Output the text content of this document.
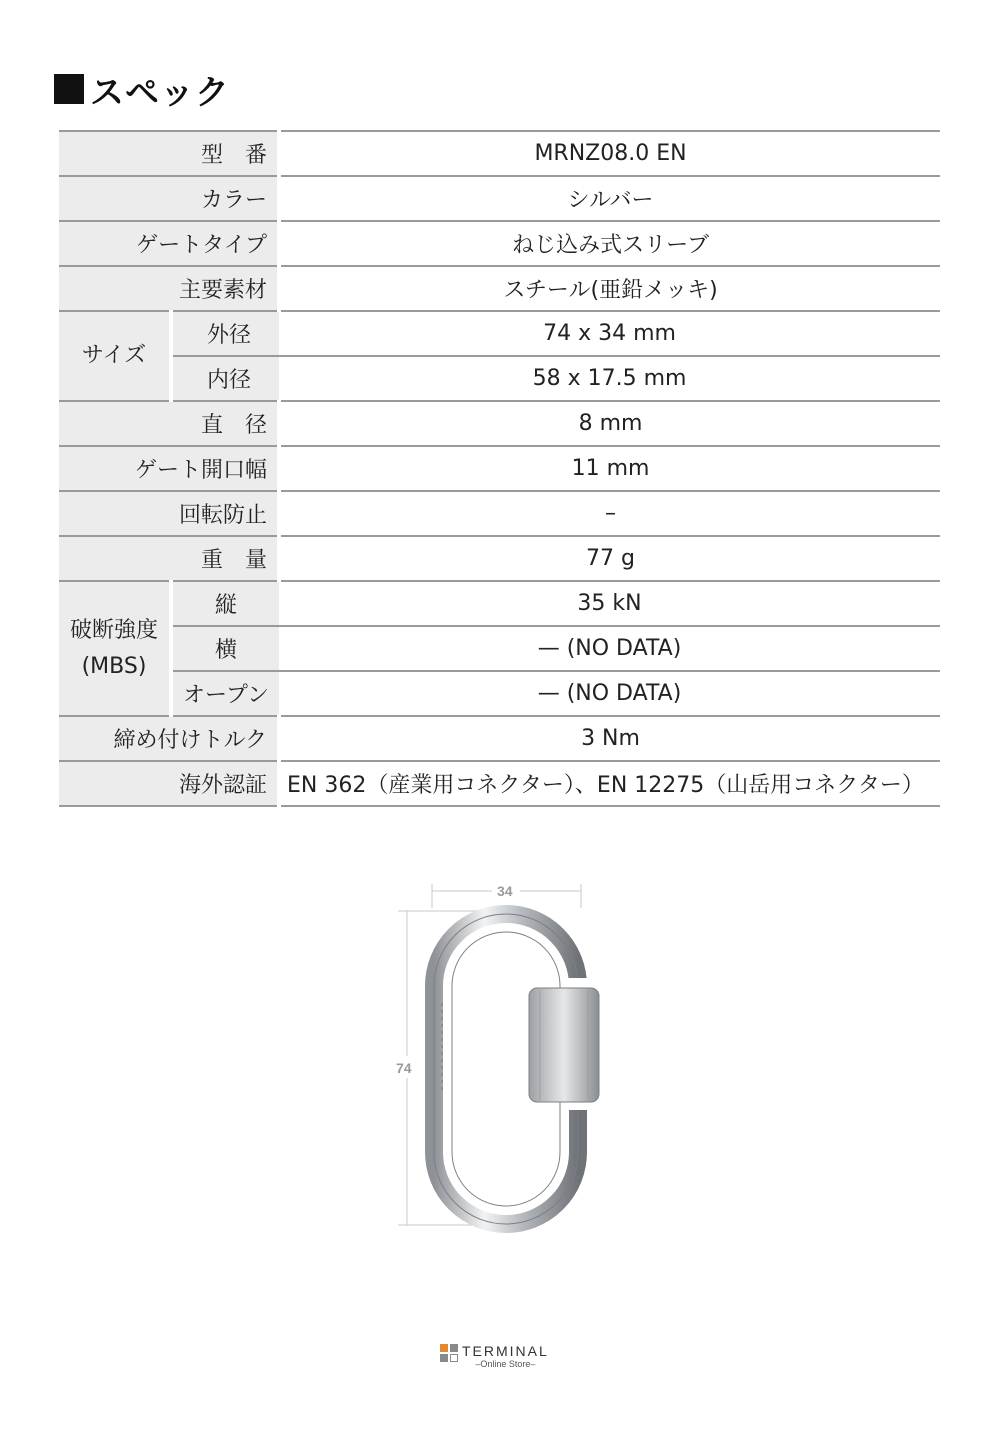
スペック
型番		MRNZ08.0 EN
カラー		シルバー
ゲートタイプ		ねじ込み式スリーブ
主要素材		スチール(亜鉛メッキ)
サイズ	外径	74 x 34 mm
	内径	58 x 17.5 mm
直径		8 mm
ゲート開口幅		11 mm
回転防止		–
重量		77 g

破断強度
(MBS)	縦	35 kN
	横	— (NO DATA)
	オープン	— (NO DATA)
締め付けトルク		3 Nm
海外認証		EN 362（産業用コネクター）、EN 12275（山岳用コネクター）
34
74
TERMINAL
–Online Store–
